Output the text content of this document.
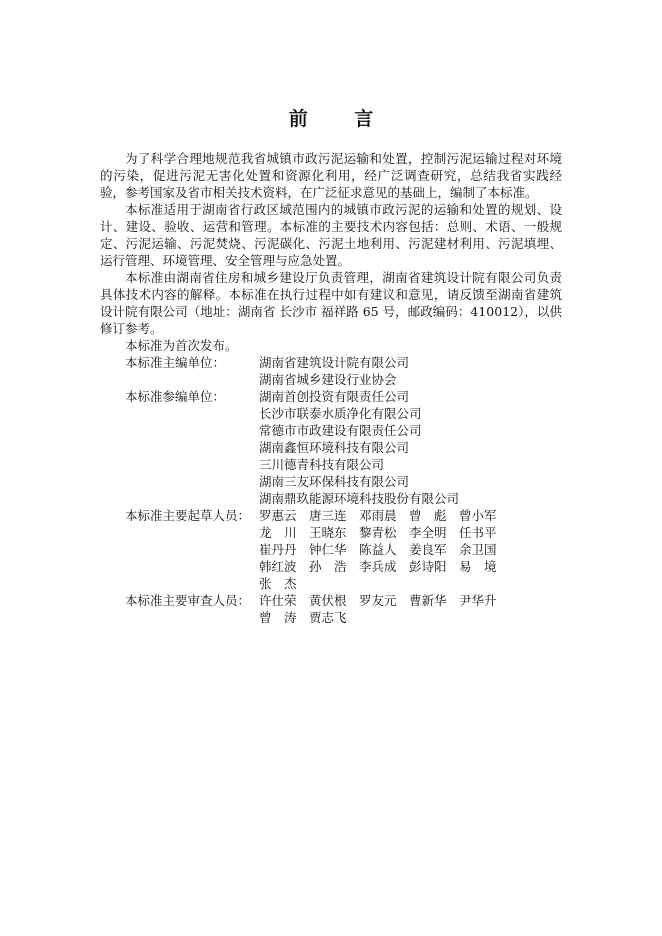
前 言

为了科学合理地规范我省城镇市政污泥运输和处置，控制污泥运输过程对环境的污染，促进污泥无害化处置和资源化利用，经广泛调查研究，总结我省实践经验，参考国家及省市相关技术资料，在广泛征求意见的基础上，编制了本标准。

本标准适用于湖南省行政区域范围内的城镇市政污泥的运输和处置的规划、设计、建设、验收、运营和管理。本标准的主要技术内容包括：总则、术语、一般规定、污泥运输、污泥焚烧、污泥碳化、污泥土地利用、污泥建材利用、污泥填埋、运行管理、环境管理、安全管理与应急处置。

本标准由湖南省住房和城乡建设厅负责管理，湖南省建筑设计院有限公司负责具体技术内容的解释。本标准在执行过程中如有建议和意见，请反馈至湖南省建筑设计院有限公司（地址：湖南省 长沙市 福祥路 65 号，邮政编码：410012），以供修订参考。

本标准为首次发布。

本标准主编单位：	湖南省建筑设计院有限公司
湖南省城乡建设行业协会
本标准参编单位：	湖南首创投资有限责任公司
长沙市联泰水质净化有限公司
常德市市政建设有限责任公司
湖南鑫恒环境科技有限公司
三川德青科技有限公司
湖南三友环保科技有限公司
湖南鼎玖能源环境科技股份有限公司
本标准主要起草人员： 罗惠云　唐三连　邓雨晨　曾　彪　曾小军
龙　川　王晓东　黎青松　李全明　任书平
崔丹丹　钟仁华　陈益人　姜良军　余卫国
韩红波　孙　浩　李兵成　彭诗阳　易　境
张　杰
本标准主要审查人员： 许仕荣　黄伏根　罗友元　曹新华　尹华升
曾　涛　贾志飞
